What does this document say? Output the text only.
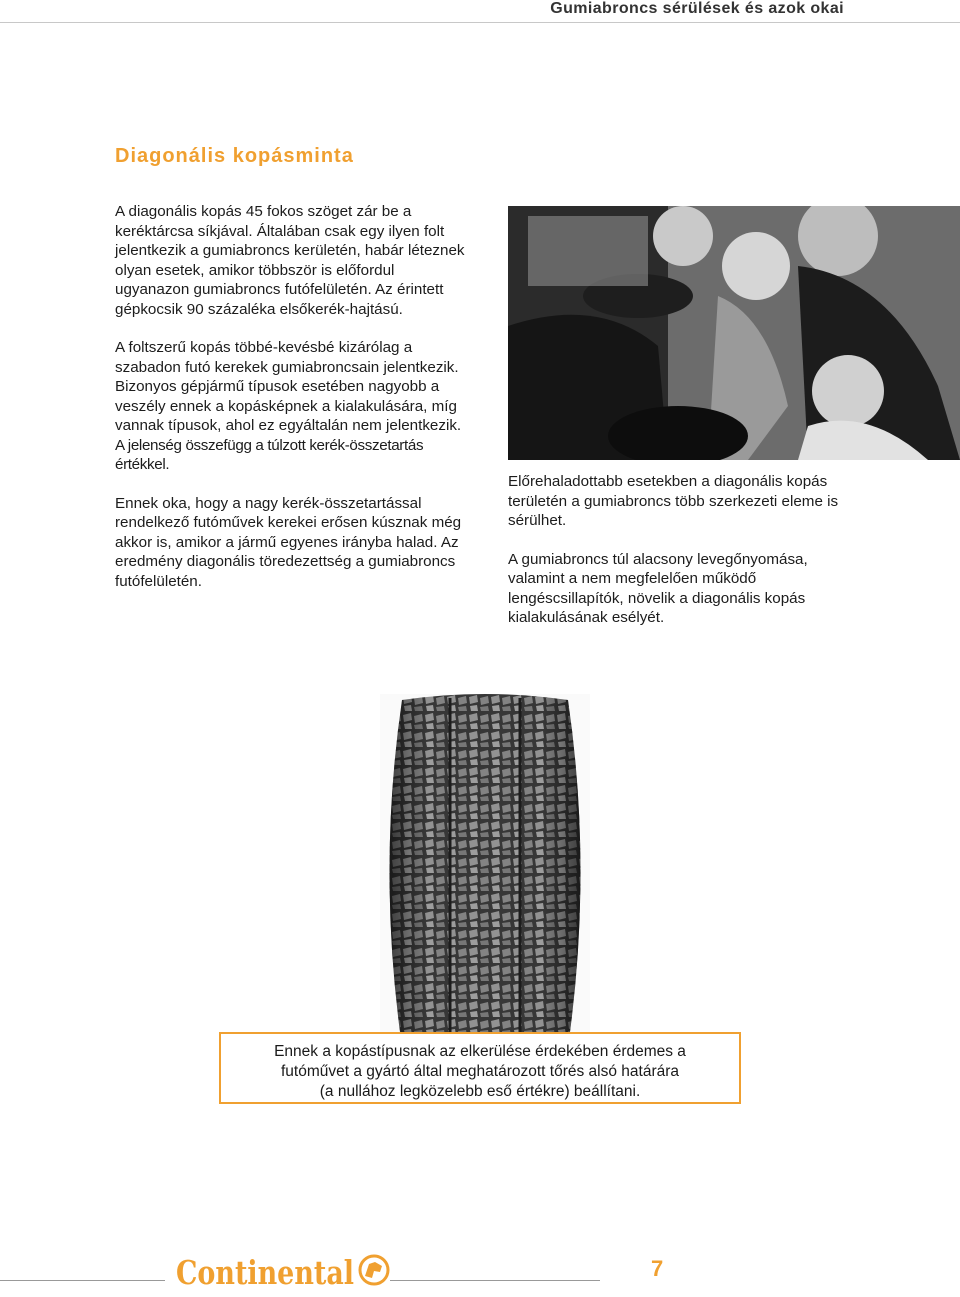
Gumiabroncs sérülések és azok okai
Diagonális kopásminta

A diagonális kopás 45 fokos szöget zár be a keréktárcsa síkjával. Általában csak egy ilyen folt jelentkezik a gumiabroncs kerületén, habár léteznek olyan esetek, amikor többször is előfordul ugyanazon gumiabroncs futófelületén. Az érintett gépkocsik 90 százaléka elsőkerék-hajtású.

A foltszerű kopás többé-kevésbé kizárólag a szabadon futó kerekek gumiabroncsain jelentkezik. Bizonyos gépjármű típusok esetében nagyobb a veszély ennek a kopásképnek a kialakulására, míg vannak típusok, ahol ez egyáltalán nem jelentkezik. A jelenség összefügg a túlzott kerék-összetartás értékkel.

Ennek oka, hogy a nagy kerék-összetartással rendelkező futóművek kerekei erősen kúsznak még akkor is, amikor a jármű egyenes irányba halad. Az eredmény diagonális töredezettség a gumiabroncs futófelületén.

Előrehaladottabb esetekben a diagonális kopás területén a gumiabroncs több szerkezeti eleme is sérülhet.

A gumiabroncs túl alacsony levegőnyomása, valamint a nem megfelelően működő lengéscsillapítók, növelik a diagonális kopás kialakulásának esélyét.

Ennek a kopástípusnak az elkerülése érdekében érdemes a
futóművet a gyártó által meghatározott tőrés alsó határára
(a nullához legközelebb eső értékre) beállítani.
Continental	7
